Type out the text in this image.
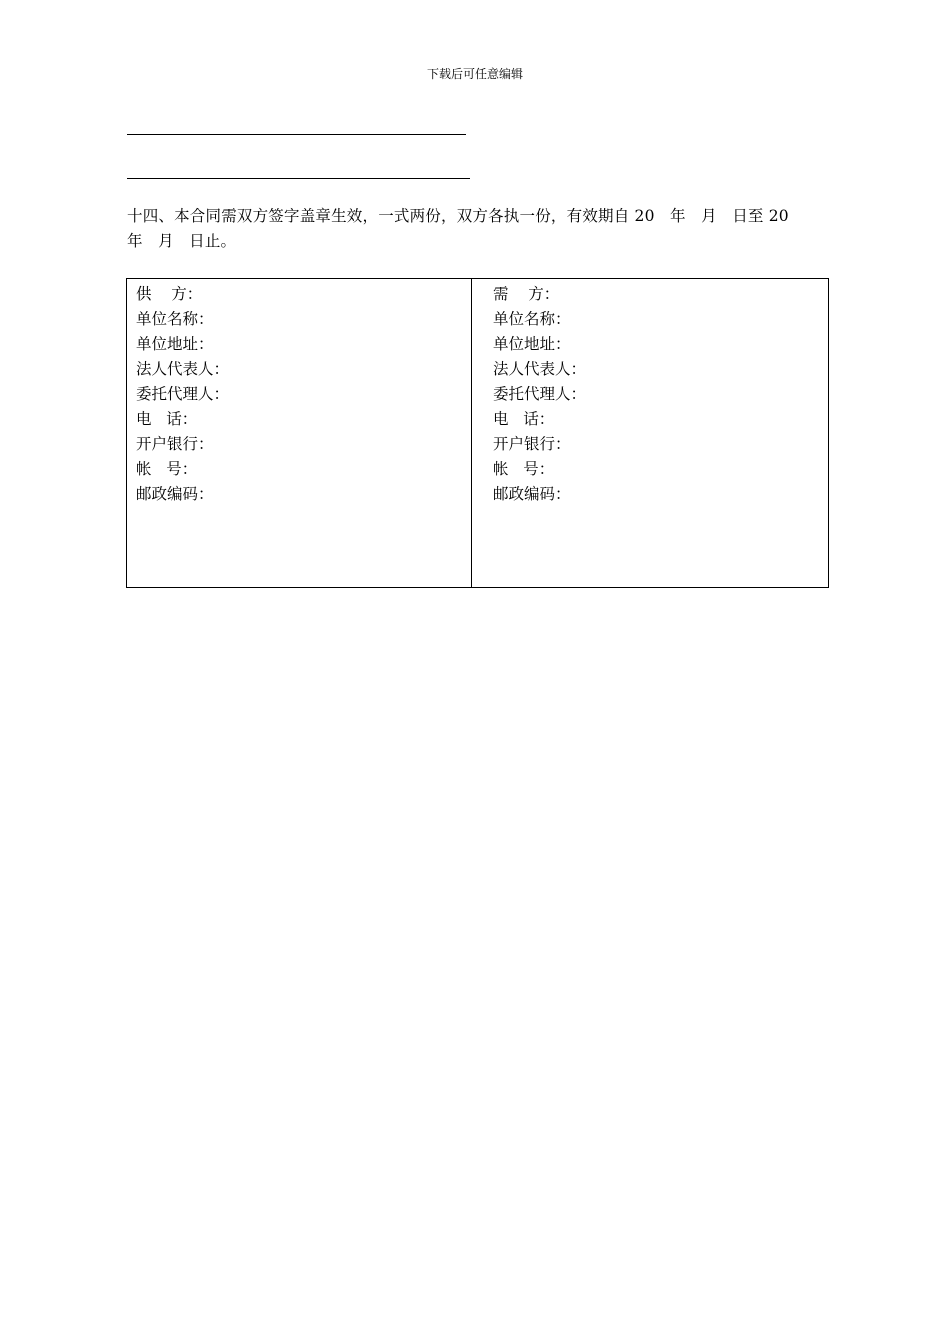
下载后可任意编辑

十四、本合同需双方签字盖章生效，一式两份，双方各执一份，有效期自 20   年   月   日至 20

年   月   日止。

供    方：
单位名称：
单位地址：
法人代表人：
委托代理人：
电   话：
开户银行：
帐   号：
邮政编码：
需    方：
单位名称：
单位地址：
法人代表人：
委托代理人：
电   话：
开户银行：
帐   号：
邮政编码：
